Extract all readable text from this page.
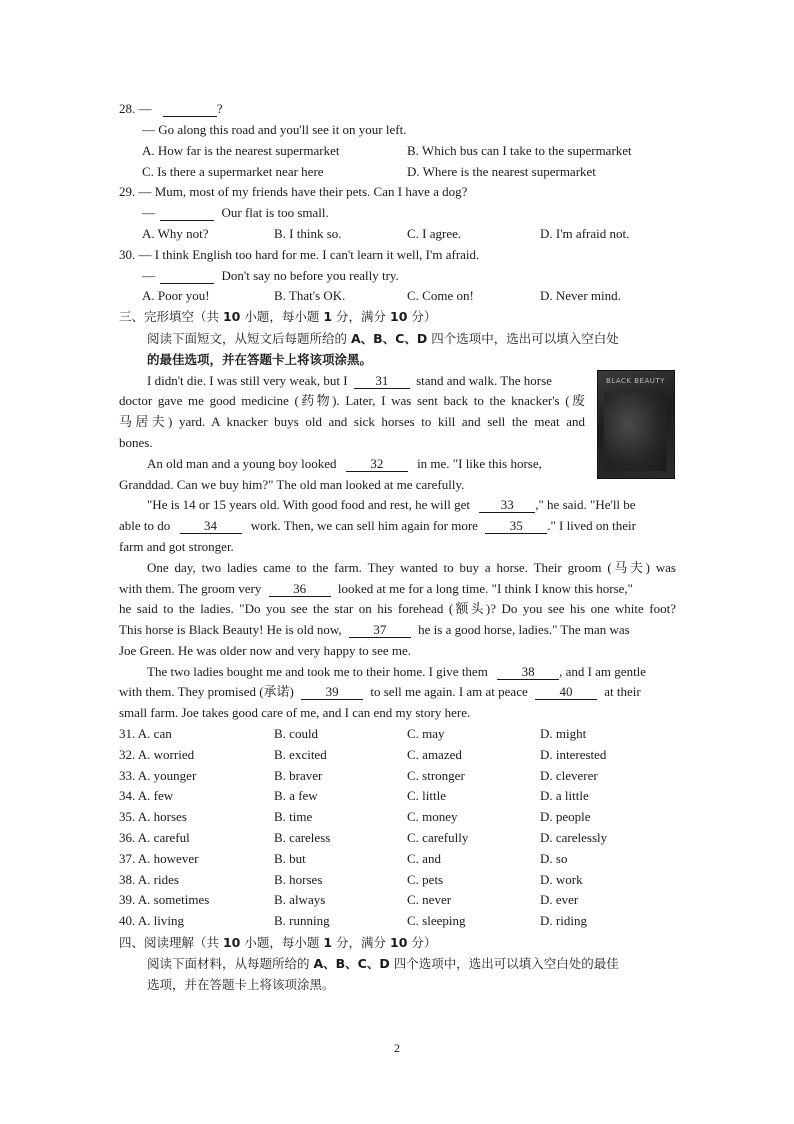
28. —	?
— Go along this road and you'll see it on your left.
A. How far is the nearest supermarket	B. Which bus can I take to the supermarket
C. Is there a supermarket near here	D. Where is the nearest supermarket
29. — Mum, most of my friends have their pets. Can I have a dog?
—	Our flat is too small.
A. Why not?	B. I think so.	C. I agree.	D. I'm afraid not.
30. — I think English too hard for me. I can't learn it well, I'm afraid.
—	Don't say no before you really try.
A. Poor you!	B. That's OK.	C. Come on!	D. Never mind.
三、完形填空（共 10 小题，每小题 1 分，满分 10 分）
阅读下面短文，从短文后每题所给的 A、B、C、D 四个选项中，选出可以填入空白处
的最佳选项，并在答题卡上将该项涂黑。
BLACK BEAUTY
I didn't die. I was still very weak, but I 31 stand and walk. The horse
doctor gave me good medicine (药物). Later, I was sent back to the knacker's (废
马居夫) yard. A knacker buys old and sick horses to kill and sell the meat and
bones.
An old man and a young boy looked	32	in me. "I like this horse,
Granddad. Can we buy him?" The old man looked at me carefully.
"He is 14 or 15 years old. With good food and rest, he will get 33 ," he said. "He'll be
able to do	34	work. Then, we can sell him again for more 35 ." I lived on their
farm and got stronger.
One day, two ladies came to the farm. They wanted to buy a horse. Their groom (马夫) was
with them. The groom very 36 looked at me for a long time. "I think I know this horse,"
he said to the ladies. "Do you see the star on his forehead (额头)? Do you see his one white foot?
This horse is Black Beauty! He is old now, 37 he is a good horse, ladies." The man was
Joe Green. He was older now and very happy to see me.
The two ladies bought me and took me to their home. I give them	38 , and I am gentle
with them. They promised (承诺) 39 to sell me again. I am at peace 40 at their
small farm. Joe takes good care of me, and I can end my story here.
31. A. can	B. could	C. may	D. might
32. A. worried	B. excited	C. amazed	D. interested
33. A. younger	B. braver	C. stronger	D. cleverer
34. A. few	B. a few	C. little	D. a little
35. A. horses	B. time	C. money	D. people
36. A. careful	B. careless	C. carefully	D. carelessly
37. A. however	B. but	C. and	D. so
38. A. rides	B. horses	C. pets	D. work
39. A. sometimes	B. always	C. never	D. ever
40. A. living	B. running	C. sleeping	D. riding
四、阅读理解（共 10 小题，每小题 1 分，满分 10 分）
阅读下面材料，从每题所给的 A、B、C、D 四个选项中，选出可以填入空白处的最佳
选项，并在答题卡上将该项涂黑。
2
